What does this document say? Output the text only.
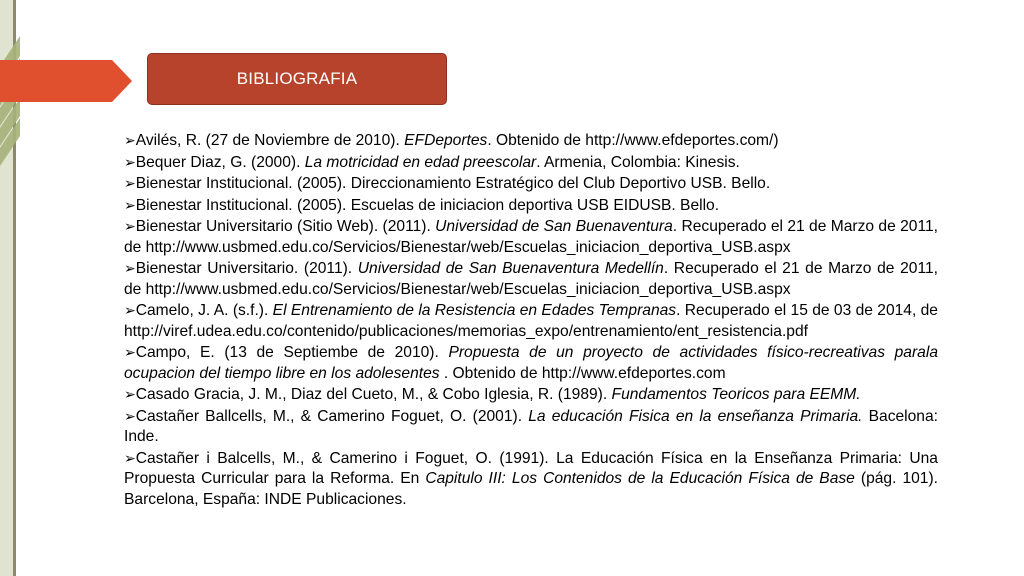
BIBLIOGRAFIA

➢Avilés, R. (27 de Noviembre de 2010). EFDeportes. Obtenido de http://www.efdeportes.com/)

➢Bequer Diaz, G. (2000). La motricidad en edad preescolar. Armenia, Colombia: Kinesis.

➢Bienestar Institucional. (2005). Direccionamiento Estratégico del Club Deportivo USB. Bello.

➢Bienestar Institucional. (2005). Escuelas de iniciacion deportiva USB EIDUSB. Bello.

➢Bienestar Universitario (Sitio Web). (2011). Universidad de San Buenaventura. Recuperado el 21 de Marzo de 2011, de http://www.usbmed.edu.co/Servicios/Bienestar/web/Escuelas_iniciacion_deportiva_USB.aspx

➢Bienestar Universitario. (2011). Universidad de San Buenaventura Medellín. Recuperado el 21 de Marzo de 2011, de http://www.usbmed.edu.co/Servicios/Bienestar/web/Escuelas_iniciacion_deportiva_USB.aspx

➢Camelo, J. A. (s.f.). El Entrenamiento de la Resistencia en Edades Tempranas. Recuperado el 15 de 03 de 2014, de http://viref.udea.edu.co/contenido/publicaciones/memorias_expo/entrenamiento/ent_resistencia.pdf

➢Campo, E. (13 de Septiembe de 2010). Propuesta de un proyecto de actividades físico-recreativas parala ocupacion del tiempo libre en los adolesentes . Obtenido de http://www.efdeportes.com

➢Casado Gracia, J. M., Diaz del Cueto, M., & Cobo Iglesia, R. (1989). Fundamentos Teoricos para EEMM.

➢Castañer Ballcells, M., & Camerino Foguet, O. (2001). La educación Fisica en la enseñanza Primaria. Bacelona: Inde.

➢Castañer i Balcells, M., & Camerino i Foguet, O. (1991). La Educación Física en la Enseñanza Primaria: Una Propuesta Curricular para la Reforma. En Capitulo III: Los Contenidos de la Educación Física de Base (pág. 101). Barcelona, España: INDE Publicaciones.
